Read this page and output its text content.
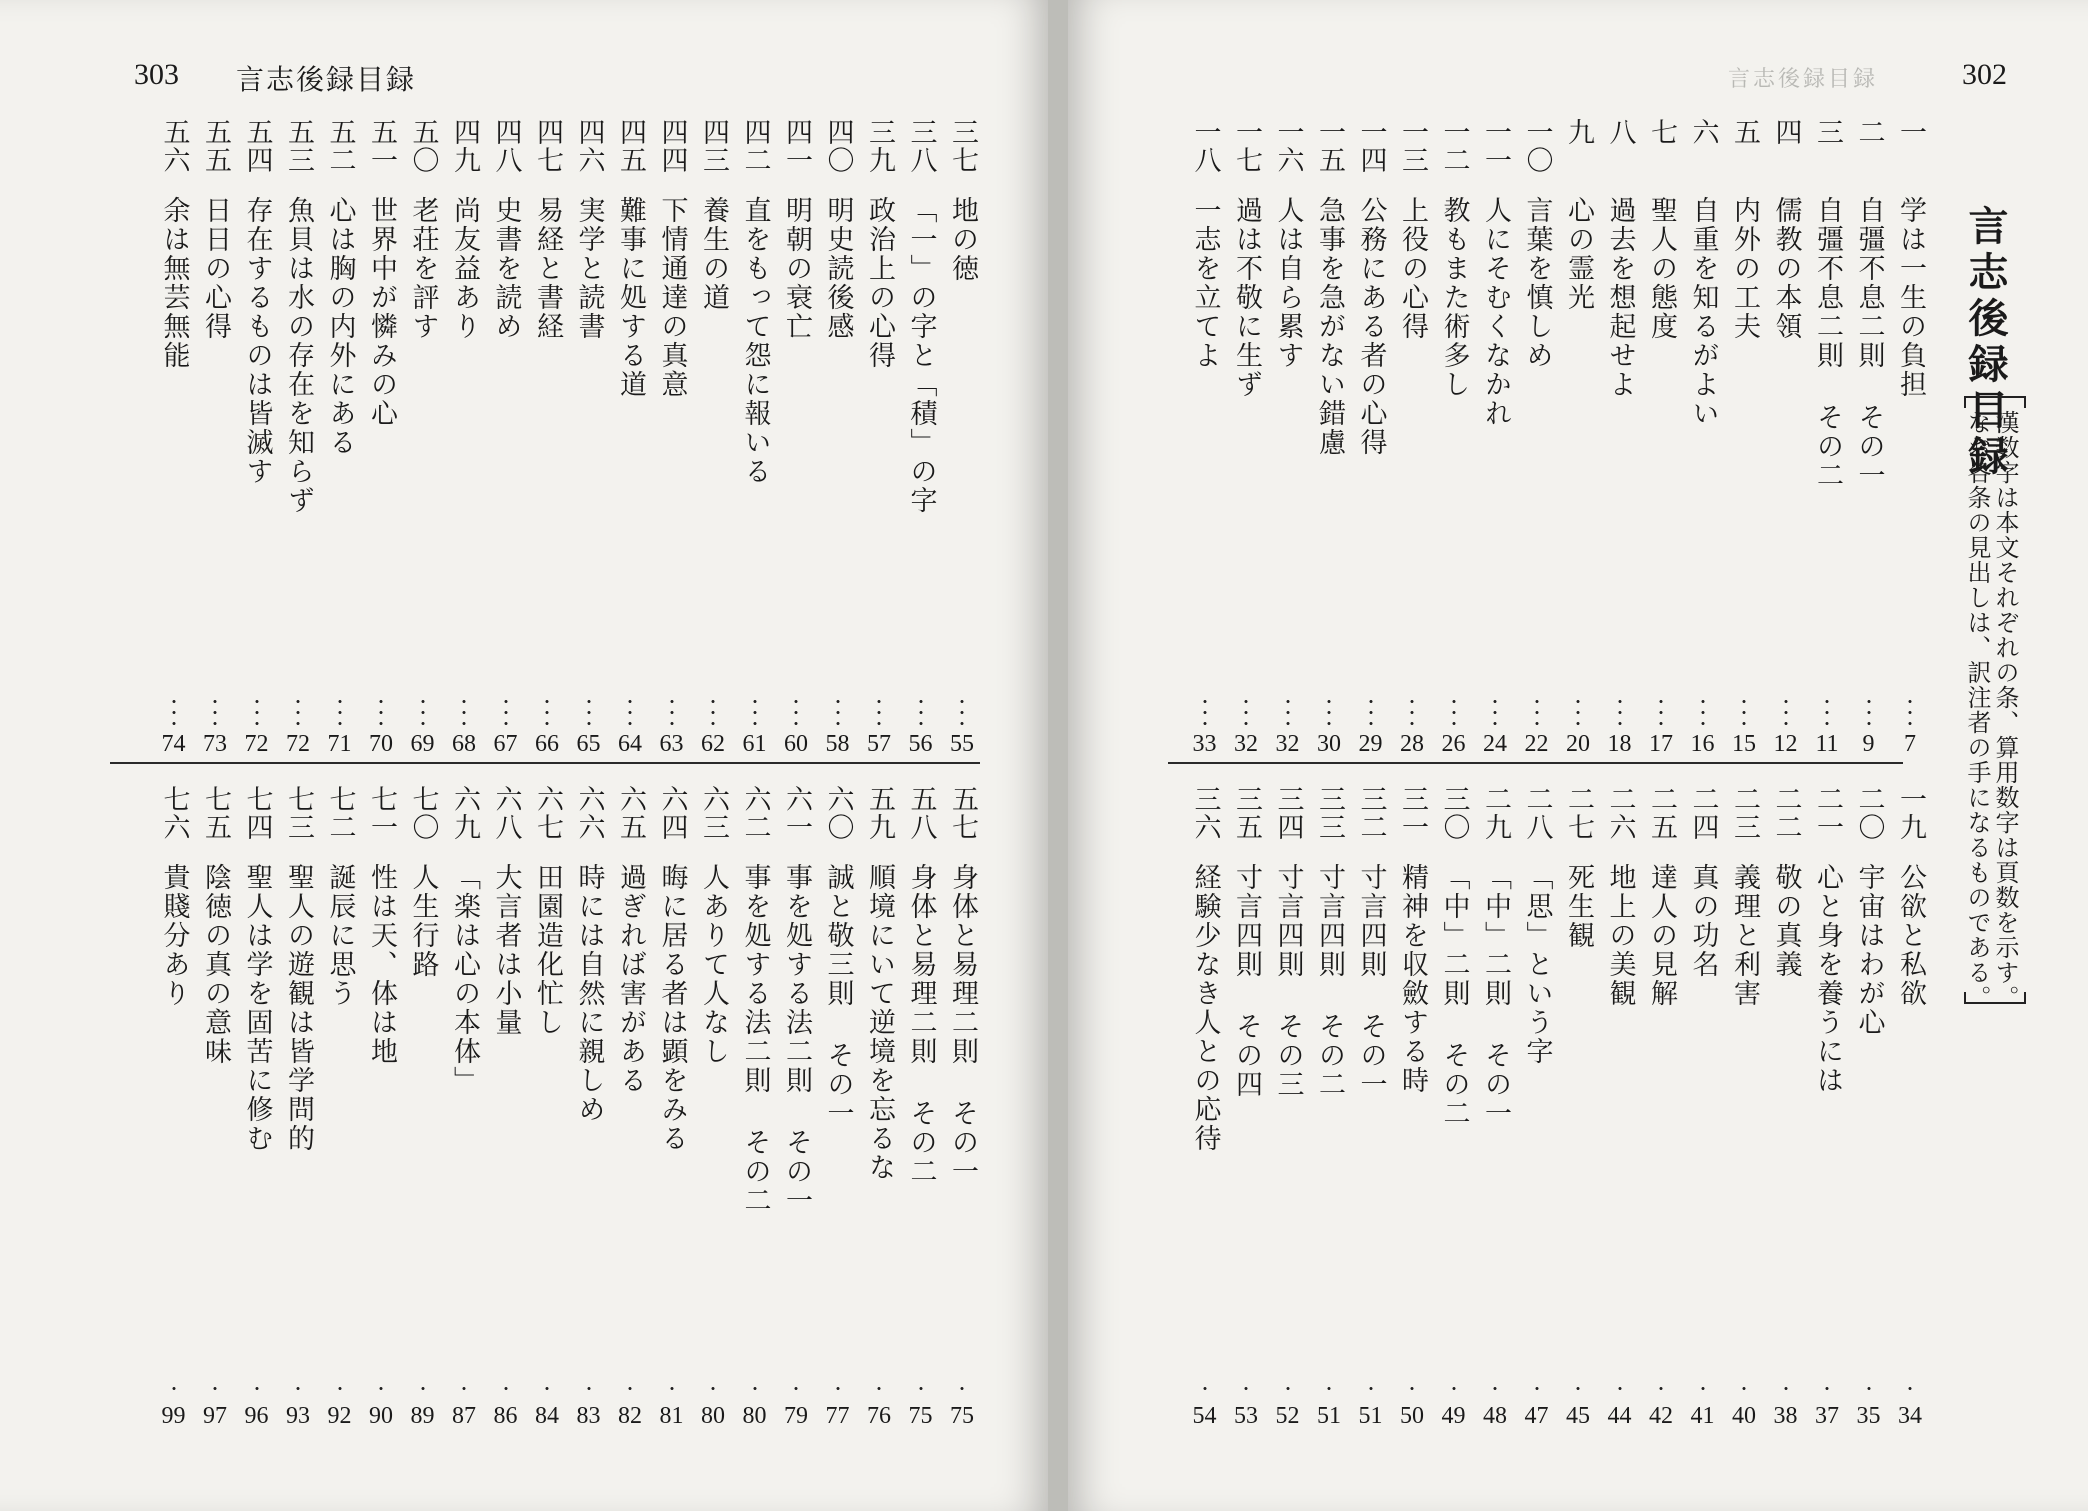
303 言志後録目録	302
言志後録目録
言志後録目録
漢数字は本文それぞれの条、算用数字は頁数を示す。
なお各条の見出しは、訳注者の手になるものである。
三七
地の徳
55
三八
「一」の字と「積」の字
56
三九
政治上の心得
57
四〇
明史読後感
58
四一
明朝の衰亡
60
四二
直をもって怨に報いる
61
四三
養生の道
62
四四
下情通達の真意
63
四五
難事に処する道
64
四六
実学と読書
65
四七
易経と書経
66
四八
史書を読め
67
四九
尚友益あり
68
五〇
老荘を評す
69
五一
世界中が憐みの心
70
五二
心は胸の内外にある
71
五三
魚貝は水の存在を知らず
72
五四
存在するものは皆滅す
72
五五
日日の心得
73
五六
余は無芸無能
74
五七
身体と易理二則 その一
75
五八
身体と易理二則 その二
75
五九
順境にいて逆境を忘るな
76
六〇
誠と敬三則 その一
77
六一
事を処する法二則 その一
79
六二
事を処する法二則 その二
80
六三
人ありて人なし
80
六四
晦に居る者は顕をみる
81
六五
過ぎれば害がある
82
六六
時には自然に親しめ
83
六七
田園造化忙し
84
六八
大言者は小量
86
六九
「楽は心の本体」
87
七〇
人生行路
89
七一
性は天、体は地
90
七二
誕辰に思う
92
七三
聖人の遊観は皆学問的
93
七四
聖人は学を固苦に修む
96
七五
陰徳の真の意味
97
七六
貴賤分あり
99
一
学は一生の負担
7
二
自彊不息二則 その一
9
三
自彊不息二則 その二
11
四
儒教の本領
12
五
内外の工夫
15
六
自重を知るがよい
16
七
聖人の態度
17
八
過去を想起せよ
18
九
心の霊光
20
一〇
言葉を慎しめ
22
一一
人にそむくなかれ
24
一二
教もまた術多し
26
一三
上役の心得
28
一四
公務にある者の心得
29
一五
急事を急がない錯慮
30
一六
人は自ら累す
32
一七
過は不敬に生ず
32
一八
一志を立てよ
33
一九
公欲と私欲
34
二〇
宇宙はわが心
35
二一
心と身を養うには
37
二二
敬の真義
38
二三
義理と利害
40
二四
真の功名
41
二五
達人の見解
42
二六
地上の美観
44
二七
死生観
45
二八
「思」という字
47
二九
「中」二則 その一
48
三〇
「中」二則 その二
49
三一
精神を収斂する時
50
三二
寸言四則 その一
51
三三
寸言四則 その二
51
三四
寸言四則 その三
52
三五
寸言四則 その四
53
三六
経験少なき人との応待
54
